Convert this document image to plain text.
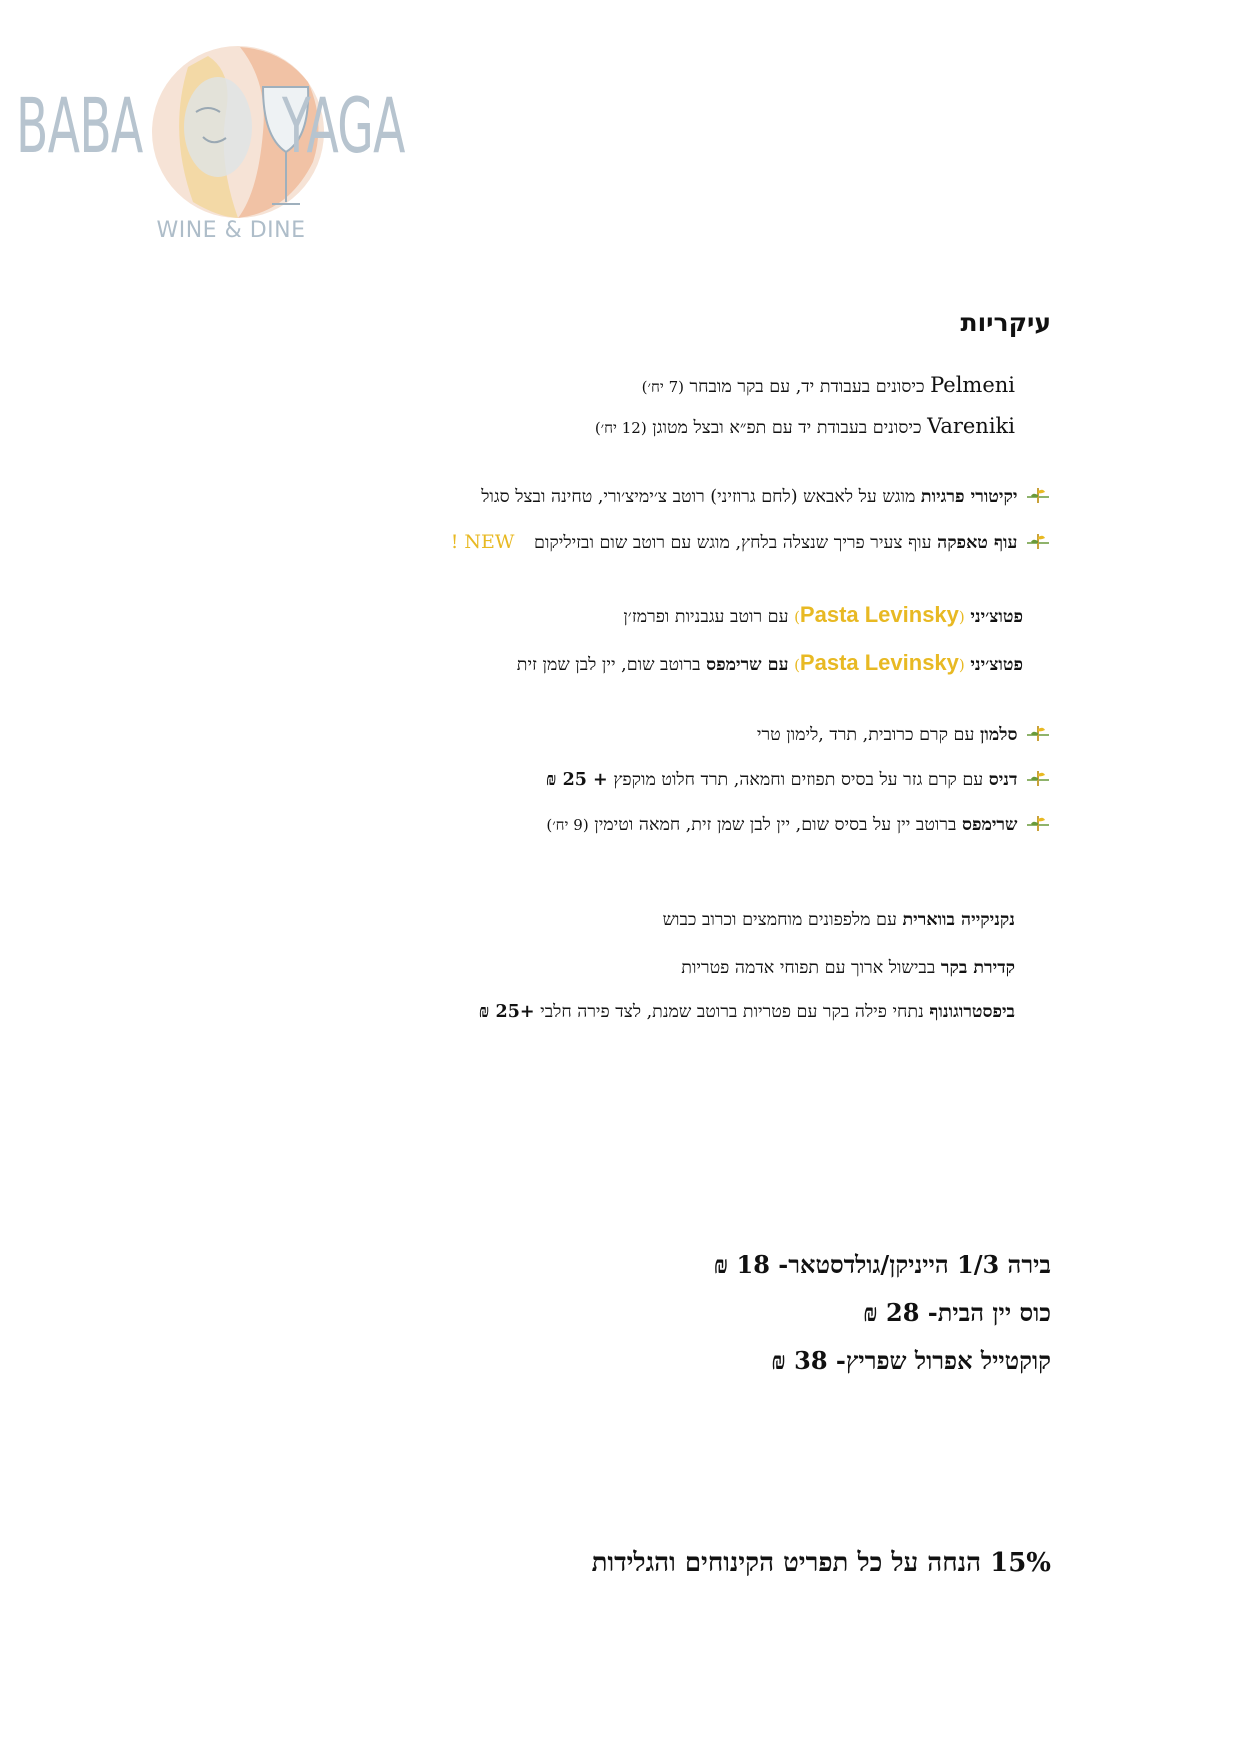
BABA YAGA
WINE & DINE
עיקריות
Pelmeni כיסונים בעבודת יד, עם בקר מובחר (7 יח׳)
Vareniki כיסונים בעבודת יד עם תפ״א ובצל מטוגן (12 יח׳)
יקיטורי פרגיות מוגש על לאבאש (לחם גרוזיני) רוטב צ׳ימיצ׳ורי, טחינה ובצל סגול
עוף טאפקה עוף צעיר פריך שנצלה בלחץ, מוגש עם רוטב שום ובזיליקום NEW !
פטוצ׳יני (Pasta Levinsky) עם רוטב עגבניות ופרמז׳ן
פטוצ׳יני (Pasta Levinsky) עם שרימפס ברוטב שום, יין לבן שמן זית
סלמון עם קרם כרובית, תרד ,לימון טרי
דניס עם קרם גזר על בסיס תפוזים וחמאה, תרד חלוט מוקפץ + 25 ₪
שרימפס ברוטב יין על בסיס שום, יין לבן שמן זית, חמאה וטימין (9 יח׳)
נקניקייה בווארית עם מלפפונים מוחמצים וכרוב כבוש
קדירת בקר בבישול ארוך עם תפוחי אדמה פטריות
ביפסטרוגונוף נתחי פילה בקר עם פטריות ברוטב שמנת, לצד פירה חלבי +25 ₪
בירה 1/3 הייניקן/גולדסטאר- 18 ₪
כוס יין הבית- 28 ₪
קוקטייל אפרול שפריץ- 38 ₪
15% הנחה על כל תפריט הקינוחים והגלידות
